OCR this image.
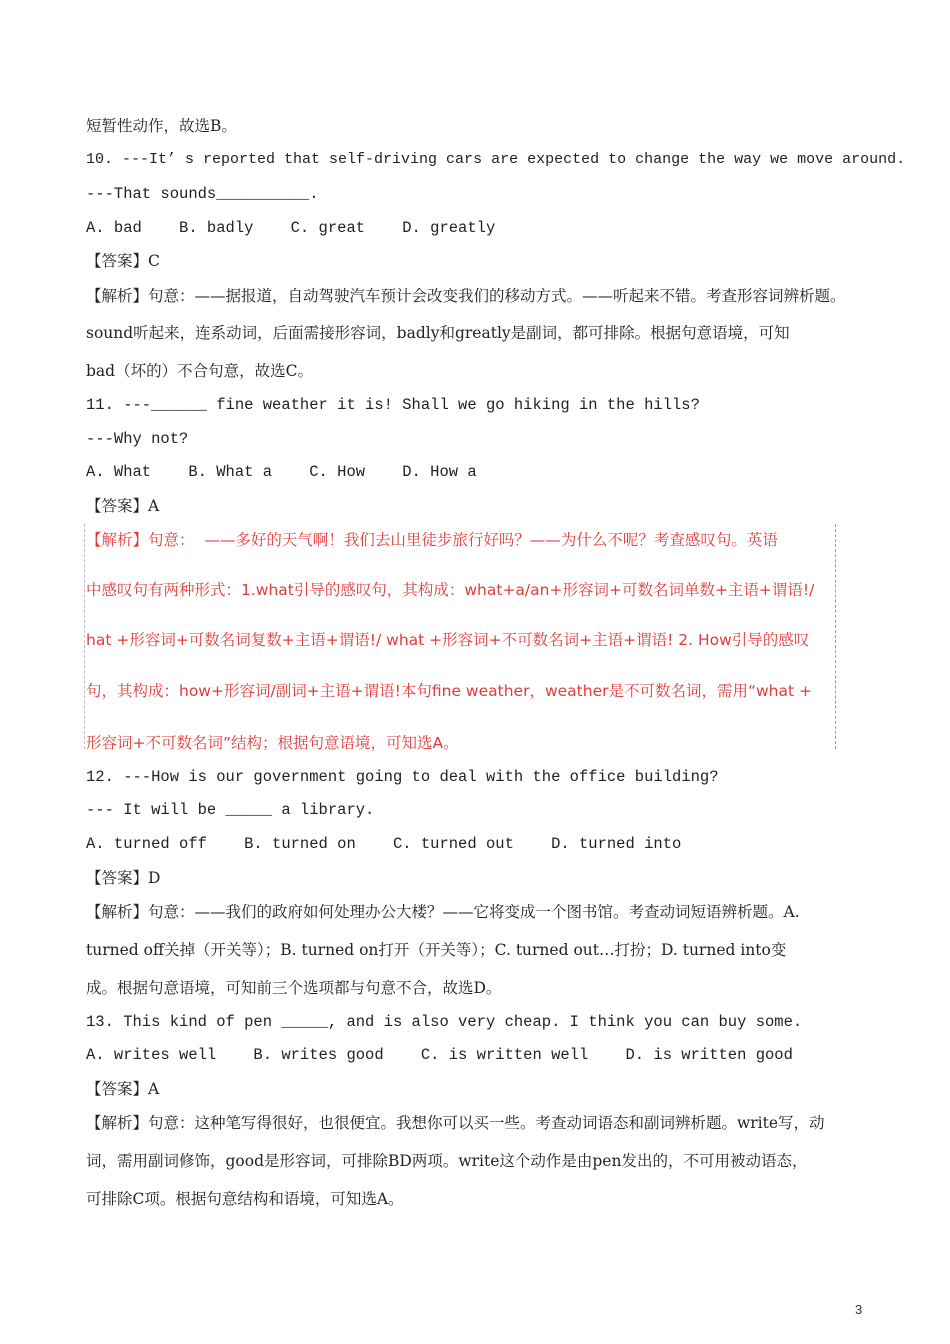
短暂性动作，故选B。
10. ---It’ s reported that self-driving cars are expected to change the way we move around.
---That sounds__________.
A. bad    B. badly    C. great    D. greatly
【答案】C
【解析】句意：——据报道，自动驾驶汽车预计会改变我们的移动方式。——听起来不错。考查形容词辨析题。
sound听起来，连系动词，后面需接形容词，badly和greatly是副词，都可排除。根据句意语境，可知
bad（坏的）不合句意，故选C。
11. ---______ fine weather it is! Shall we go hiking in the hills?
---Why not?
A. What    B. What a    C. How    D. How a
【答案】A
【解析】句意：  ——多好的天气啊！我们去山里徒步旅行好吗？——为什么不呢？考查感叹句。英语
中感叹句有两种形式：1.what引导的感叹句，其构成：what+a/an+形容词+可数名词单数+主语+谓语!/
hat +形容词+可数名词复数+主语+谓语!/ what +形容词+不可数名词+主语+谓语! 2. How引导的感叹
句，其构成：how+形容词/副词+主语+谓语!本句fine weather，weather是不可数名词，需用“what +
形容词+不可数名词”结构；根据句意语境，可知选A。
12. ---How is our government going to deal with the office building?
--- It will be _____ a library.
A. turned off    B. turned on    C. turned out    D. turned into
【答案】D
【解析】句意：——我们的政府如何处理办公大楼？——它将变成一个图书馆。考查动词短语辨析题。A.
turned off关掉（开关等）；B. turned on打开（开关等）；C. turned out…打扮；D. turned into变
成。根据句意语境，可知前三个选项都与句意不合，故选D。
13. This kind of pen _____, and is also very cheap. I think you can buy some.
A. writes well    B. writes good    C. is written well    D. is written good
【答案】A
【解析】句意：这种笔写得很好，也很便宜。我想你可以买一些。考查动词语态和副词辨析题。write写，动
词，需用副词修饰，good是形容词，可排除BD两项。write这个动作是由pen发出的，不可用被动语态，
可排除C项。根据句意结构和语境，可知选A。
3
